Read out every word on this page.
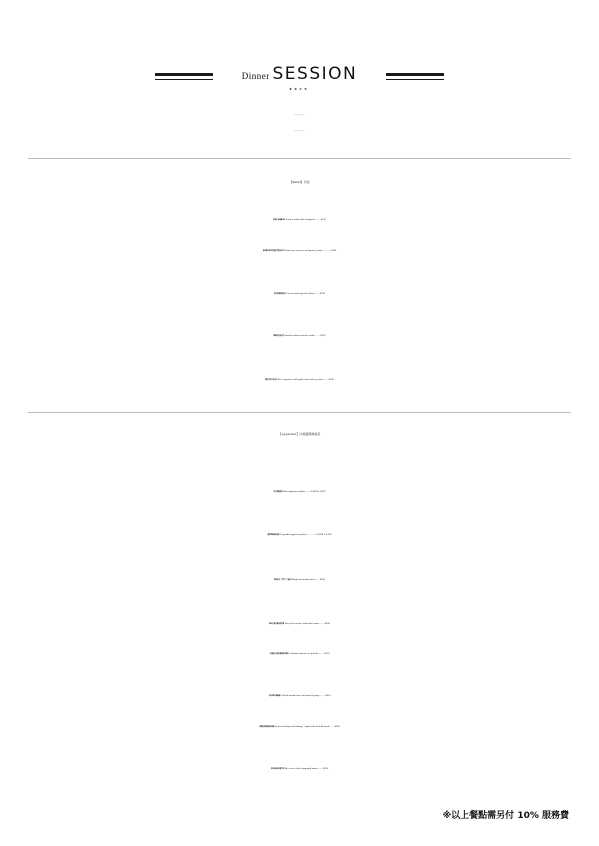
Dinner SESSION
晚間菜單
【Salad】沙拉
花園生菜油醋沙拉 Garden salad with vinaigrette.........$150
香料麵包粉烤骨髓佐洋香菜沙拉 Roast bone marrow and parsley salad ..............$180
香草炸雞凱撒沙拉 Caesar salad special edition.........$220
燻鮭魚尼斯沙拉 Smoked salmon nicoise salad..........$250
燒烤半熟牛肉沙拉 Beef carpaccio with garlic and anchovy sauce.........$330
【Appetizer】冷前盤與熱前菜
綜合肉類拼盤 Meat appetizer platter.........S $220 L $320
爐烤季節蔬菜拼盤 Vegetable appetizer platter ..............S $180 L $ 280
番茄起司〝洋芋片〞披薩 Margherita potato pizza....... $180
酥炸生蠔佐蟹黃塔塔醬 Deep fried oyster with tartar sauce.........$200
中卷鑲玉米糕佐蝦湯墨魚醬汁 Calamari ripieni con polenta .........$230
牛肝菌肉汁燴蘑菇 Grilled mushrooms with porcini gravy..........$220
檸檬香茅蝦油辣炒海鮮 Seared scallops and shrimp、squid with aioli & bread.........$280
香料奶油紅酒燉牛肉 Beef stew with compound butter.........$250
※以上餐點需另付 10% 服務費
